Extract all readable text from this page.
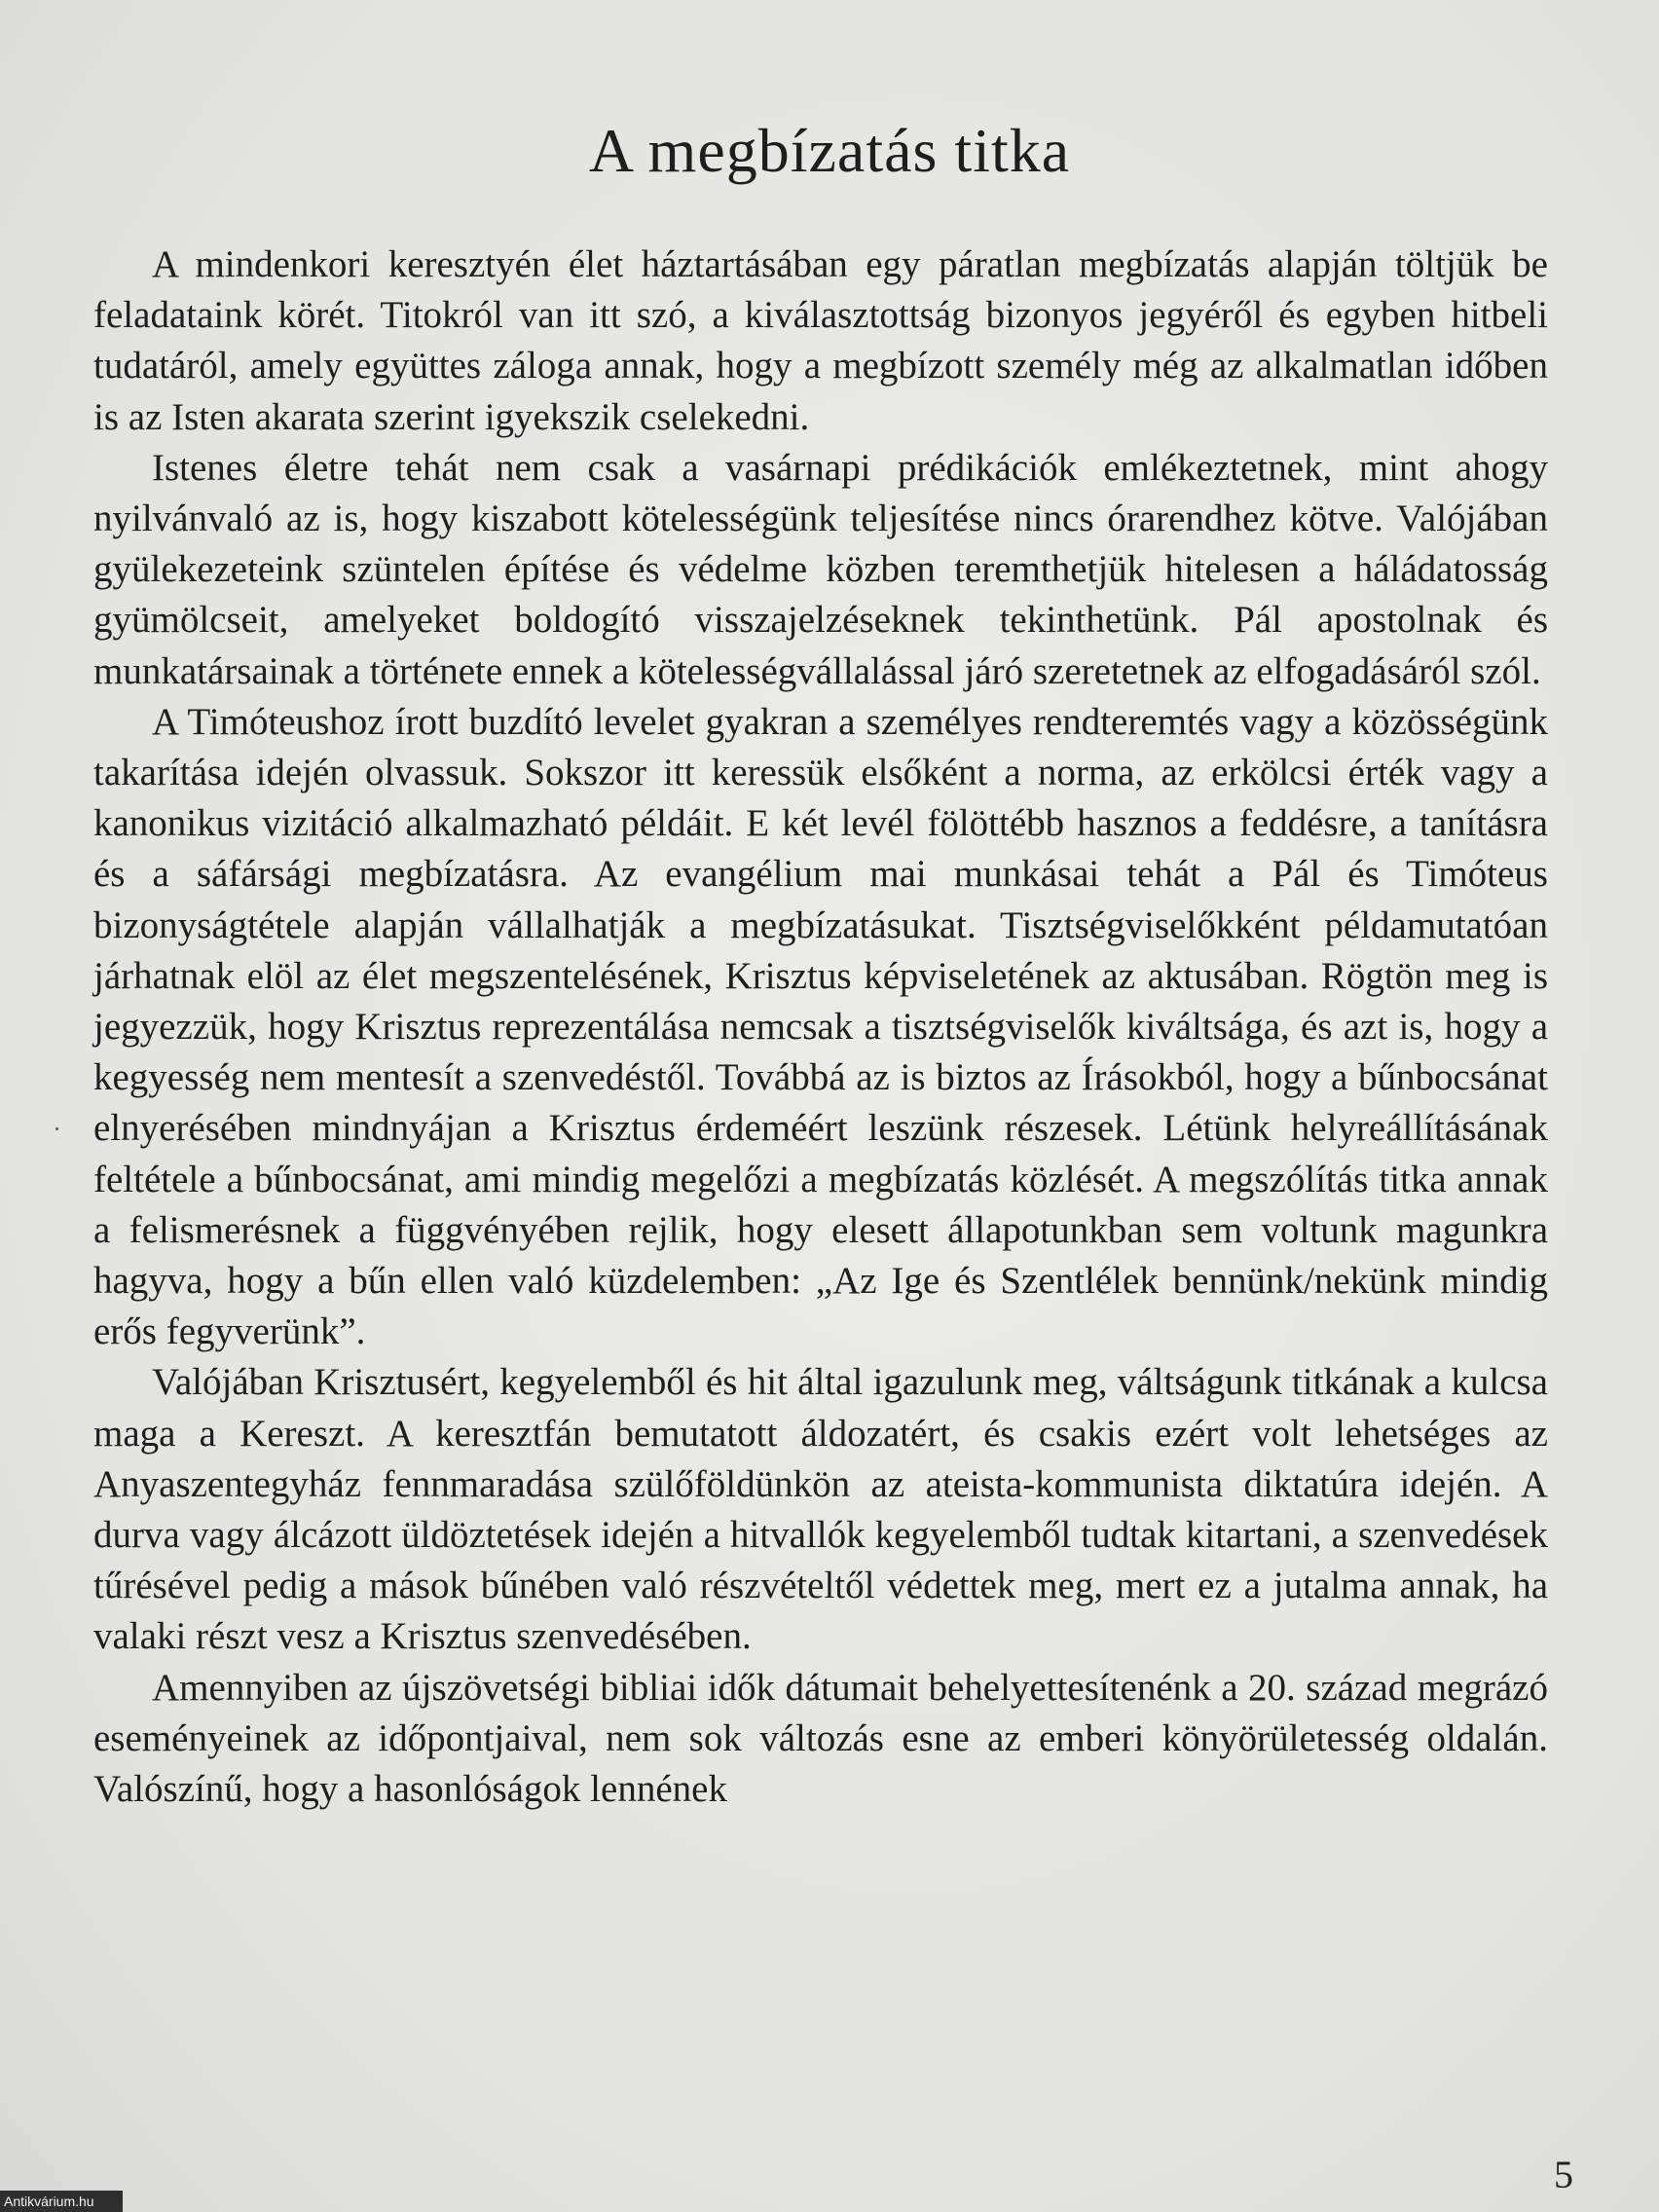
A megbízatás titka

A mindenkori keresztyén élet háztartásában egy páratlan megbízatás alapján töltjük be feladataink körét. Titokról van itt szó, a kiválasztottság bizonyos jegyéről és egyben hitbeli tudatáról, amely együttes záloga annak, hogy a megbízott személy még az alkalmatlan időben is az Isten akarata szerint igyekszik cselekedni.

Istenes életre tehát nem csak a vasárnapi prédikációk emlékeztetnek, mint ahogy nyilvánvaló az is, hogy kiszabott kötelességünk teljesítése nincs órarendhez kötve. Valójában gyülekezeteink szüntelen építése és védelme közben teremthetjük hitelesen a háládatosság gyümölcseit, amelyeket boldogító visszajelzéseknek tekinthetünk. Pál apostolnak és munkatársainak a története ennek a kötelességvállalással járó szeretetnek az elfogadásáról szól.

A Timóteushoz írott buzdító levelet gyakran a személyes rendteremtés vagy a közösségünk takarítása idején olvassuk. Sokszor itt keressük elsőként a norma, az erkölcsi érték vagy a kanonikus vizitáció alkalmazható példáit. E két levél fölöttébb hasznos a feddésre, a tanításra és a sáfársági megbízatásra. Az evangélium mai munkásai tehát a Pál és Timóteus bizonyságtétele alapján vállalhatják a megbízatásukat. Tisztségviselőkként példamutatóan járhatnak elöl az élet megszentelésének, Krisztus képviseletének az aktusában. Rögtön meg is jegyezzük, hogy Krisztus reprezentálása nemcsak a tisztségviselők kiváltsága, és azt is, hogy a kegyesség nem mentesít a szenvedéstől. Továbbá az is biztos az Írásokból, hogy a bűnbocsánat elnyerésében mindnyájan a Krisztus érdeméért leszünk részesek. Létünk helyreállításának feltétele a bűnbocsánat, ami mindig megelőzi a megbízatás közlését. A megszólítás titka annak a felismerésnek a függvényében rejlik, hogy elesett állapotunkban sem voltunk magunkra hagyva, hogy a bűn ellen való küzdelemben: „Az Ige és Szentlélek bennünk/nekünk mindig erős fegyverünk”.

Valójában Krisztusért, kegyelemből és hit által igazulunk meg, váltságunk titkának a kulcsa maga a Kereszt. A keresztfán bemutatott áldozatért, és csakis ezért volt lehetséges az Anyaszentegyház fennmaradása szülőföldünkön az ateista-kommunista diktatúra idején. A durva vagy álcázott üldöztetések idején a hitvallók kegyelemből tudtak kitartani, a szenvedések tűrésével pedig a mások bűnében való részvételtől védettek meg, mert ez a jutalma annak, ha valaki részt vesz a Krisztus szenvedésében.

Amennyiben az újszövetségi bibliai idők dátumait behelyettesítenénk a 20. század megrázó eseményeinek az időpontjaival, nem sok változás esne az emberi könyörületesség oldalán. Valószínű, hogy a hasonlóságok lennének

5
Antikvárium.hu
